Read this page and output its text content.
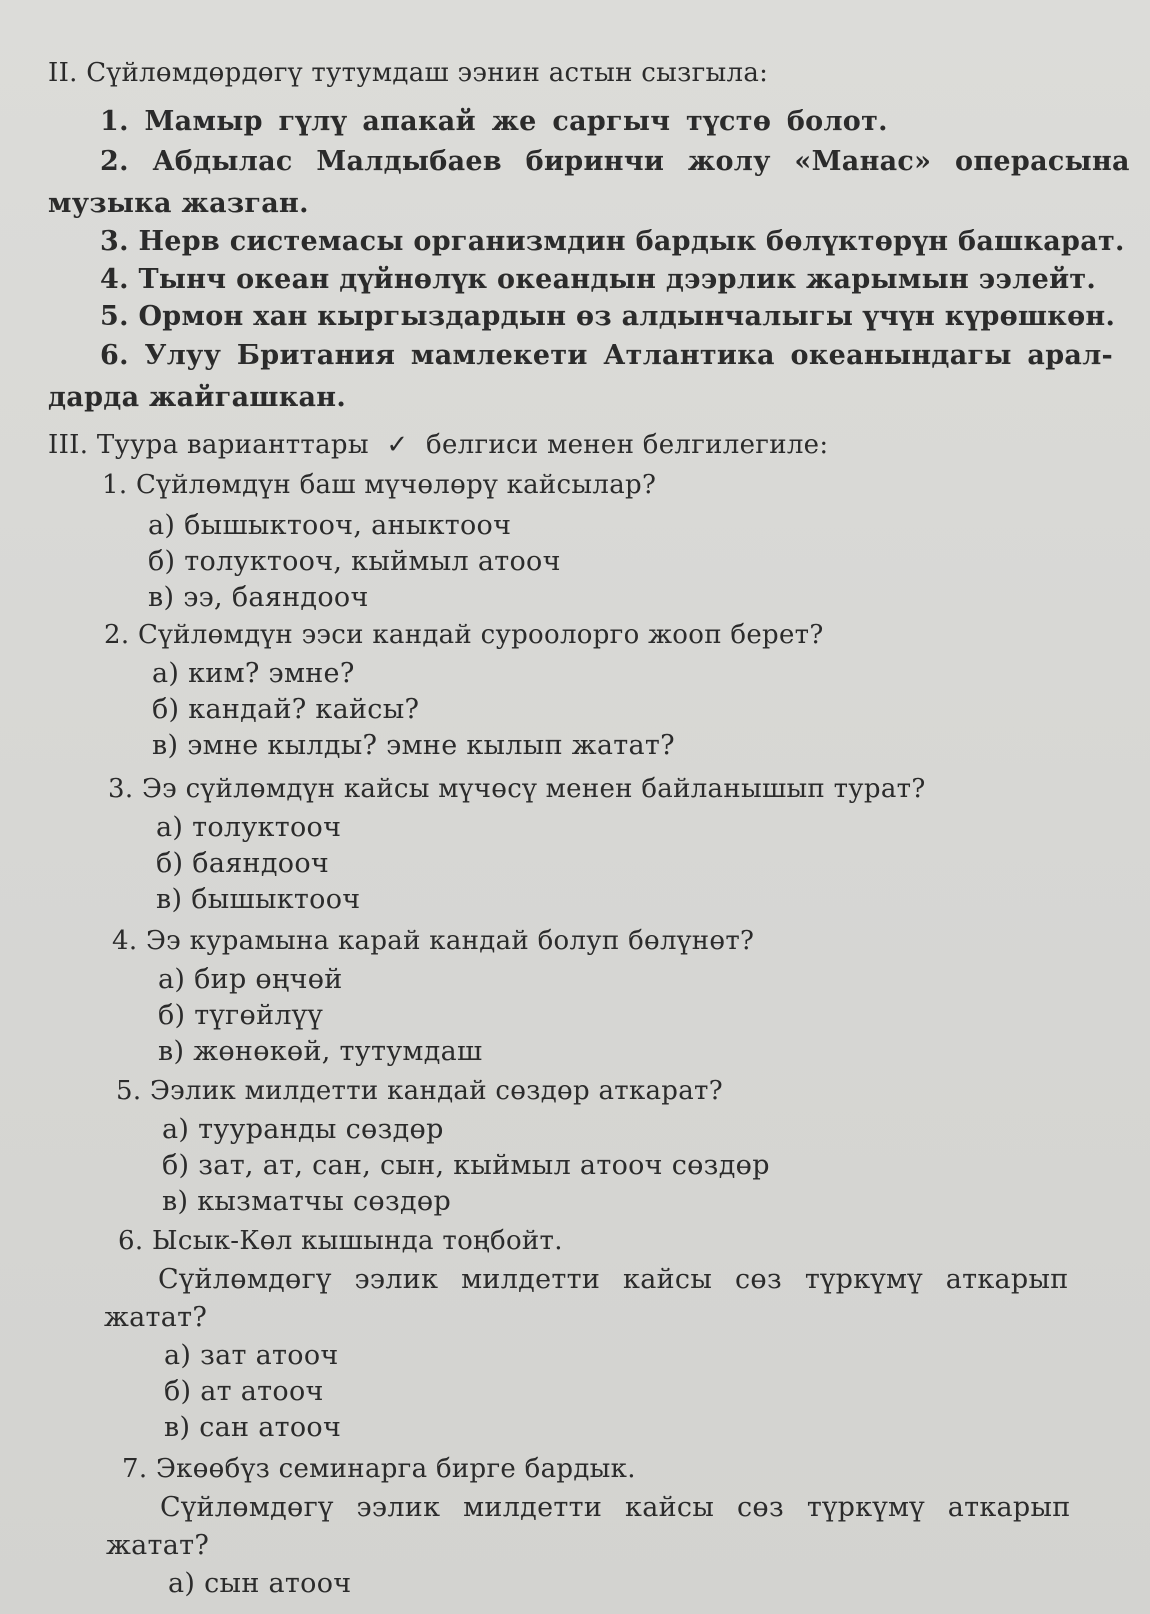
II. Сүйлөмдөрдөгү тутумдаш ээнин астын сызгыла:
1. Мамыр гүлү апакай же саргыч түстө болот.
2. Абдылас Малдыбаев биринчи жолу «Манас» операсына
музыка жазган.
3. Нерв системасы организмдин бардык бөлүктөрүн башкарат.
4. Тынч океан дүйнөлүк океандын дээрлик жарымын ээлейт.
5. Ормон хан кыргыздардын өз алдынчалыгы үчүн күрөшкөн.
6. Улуу Британия мамлекети Атлантика океанындагы арал-
дарда жайгашкан.
III. Туура варианттары ✓ белгиси менен белгилегиле:
1. Сүйлөмдүн баш мүчөлөрү кайсылар?
а) бышыктооч, аныктооч
б) толуктооч, кыймыл атооч
в) ээ, баяндооч
2. Сүйлөмдүн ээси кандай суроолорго жооп берет?
а) ким? эмне?
б) кандай? кайсы?
в) эмне кылды? эмне кылып жатат?
3. Ээ сүйлөмдүн кайсы мүчөсү менен байланышып турат?
а) толуктооч
б) баяндооч
в) бышыктооч
4. Ээ курамына карай кандай болуп бөлүнөт?
а) бир өңчөй
б) түгөйлүү
в) жөнөкөй, тутумдаш
5. Ээлик милдетти кандай сөздөр аткарат?
а) тууранды сөздөр
б) зат, ат, сан, сын, кыймыл атооч сөздөр
в) кызматчы сөздөр
6. Ысык-Көл кышында тоңбойт.
Сүйлөмдөгү ээлик милдетти кайсы сөз түркүмү аткарып
жатат?
а) зат атооч
б) ат атооч
в) сан атооч
7. Экөөбүз семинарга бирге бардык.
Сүйлөмдөгү ээлик милдетти кайсы сөз түркүмү аткарып
жатат?
а) сын атооч
